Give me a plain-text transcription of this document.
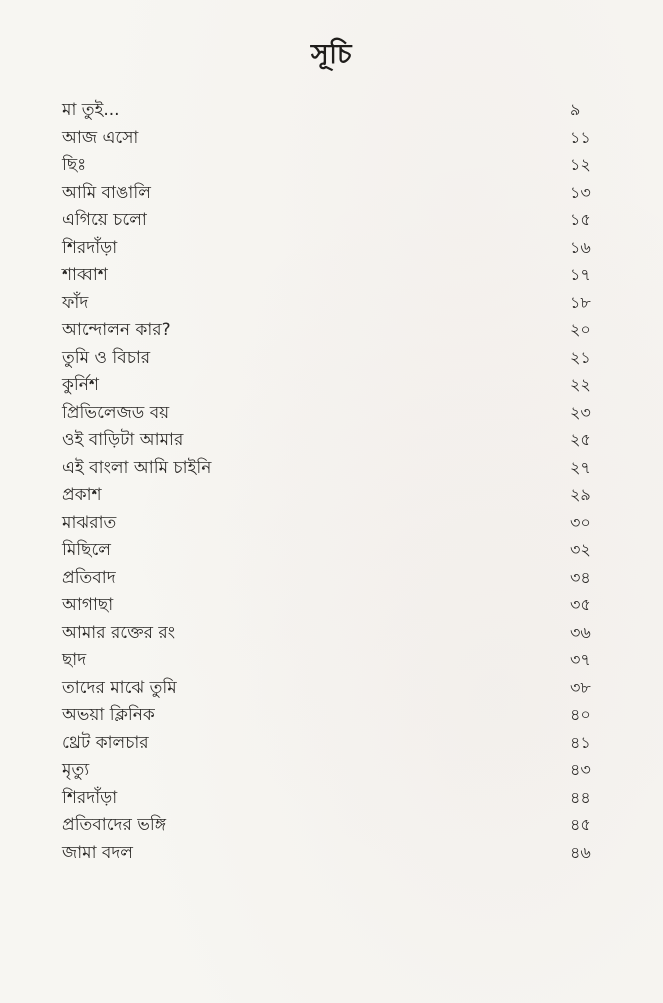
সূচি
মা তুই...	৯
আজ এসো	১১
ছিঃ	১২
আমি বাঙালি	১৩
এগিয়ে চলো	১৫
শিরদাঁড়া	১৬
শাব্বাশ	১৭
ফাঁদ	১৮
আন্দোলন কার?	২০
তুমি ও বিচার	২১
কুর্নিশ	২২
প্রিভিলেজড বয়	২৩
ওই বাড়িটা আমার	২৫
এই বাংলা আমি চাইনি	২৭
প্রকাশ	২৯
মাঝরাত	৩০
মিছিলে	৩২
প্রতিবাদ	৩৪
আগাছা	৩৫
আমার রক্তের রং	৩৬
ছাদ	৩৭
তাদের মাঝে তুমি	৩৮
অভয়া ক্লিনিক	৪০
থ্রেট কালচার	৪১
মৃত্যু	৪৩
শিরদাঁড়া	৪৪
প্রতিবাদের ভঙ্গি	৪৫
জামা বদল	৪৬
